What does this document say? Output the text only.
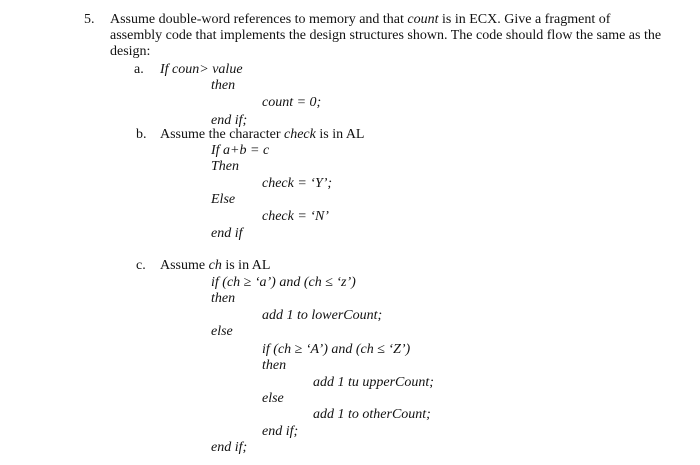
5. Assume double-word references to memory and that count is in ECX. Give a fragment of
assembly code that implements the design structures shown. The code should flow the same as the
design:
a. If coun> value
then
count = 0;
end if;
b. Assume the character check is in AL
If a+b = c
Then
check = ‘Y’;
Else
check = ‘N’
end if
c. Assume ch is in AL
if (ch ≥ ‘a’) and (ch ≤ ‘z’)
then
add 1 to lowerCount;
else
if (ch ≥ ‘A’) and (ch ≤ ‘Z’)
then
add 1 tu upperCount;
else
add 1 to otherCount;
end if;
end if;
